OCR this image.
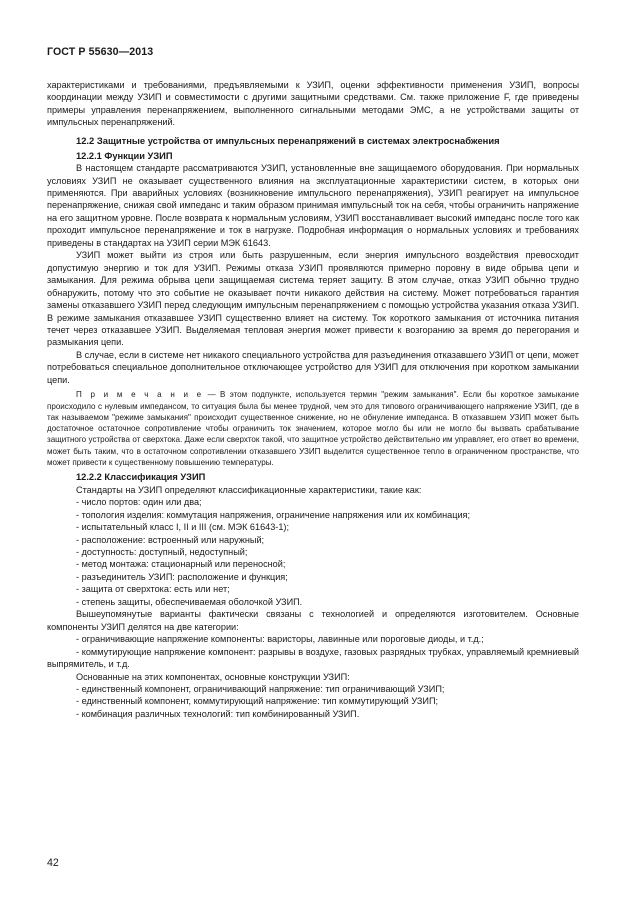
ГОСТ Р 55630—2013

характеристиками и требованиями, предъявляемыми к УЗИП, оценки эффективности применения УЗИП, вопросы координации между УЗИП и совместимости с другими защитными средствами. См. также приложение F, где приведены примеры управления перенапряжением, выполненного сигнальными методами ЭМС, а не устройствами защиты от импульсных перенапряжений.

12.2 Защитные устройства от импульсных перенапряжений в системах электроснабжения

12.2.1 Функции УЗИП

В настоящем стандарте рассматриваются УЗИП, установленные вне защищаемого оборудования. При нормальных условиях УЗИП не оказывает существенного влияния на эксплуатационные характеристики систем, в которых они применяются. При аварийных условиях (возникновение импульсного перенапряжения), УЗИП реагирует на импульсное перенапряжение, снижая свой импеданс и таким образом принимая импульсный ток на себя, чтобы ограничить напряжение на его защитном уровне. После возврата к нормальным условиям, УЗИП восстанавливает высокий импеданс после того как проходит импульсное перенапряжение и ток в нагрузке. Подробная информация о нормальных условиях и требованиях приведены в стандартах на УЗИП серии МЭК 61643.

УЗИП может выйти из строя или быть разрушенным, если энергия импульсного воздействия превосходит допустимую энергию и ток для УЗИП. Режимы отказа УЗИП проявляются примерно поровну в виде обрыва цепи и замыкания. Для режима обрыва цепи защищаемая система теряет защиту. В этом случае, отказ УЗИП обычно трудно обнаружить, потому что это событие не оказывает почти никакого действия на систему. Может потребоваться гарантия замены отказавшего УЗИП перед следующим импульсным перенапряжением с помощью устройства указания отказа УЗИП. В режиме замыкания отказавшее УЗИП существенно влияет на систему. Ток короткого замыкания от источника питания течет через отказавшее УЗИП. Выделяемая тепловая энергия может привести к возгоранию за время до перегорания и размыкания цепи.

В случае, если в системе нет никакого специального устройства для разъединения отказавшего УЗИП от цепи, может потребоваться специальное дополнительное отключающее устройство для УЗИП для отключения при коротком замыкании цепи.

П р и м е ч а н и е — В этом подпункте, используется термин "режим замыкания". Если бы короткое замыкание происходило с нулевым импедансом, то ситуация была бы менее трудной, чем это для типового ограничивающего напряжение УЗИП, где в так называемом "режиме замыкания" происходит существенное снижение, но не обнуление импеданса. В отказавшем УЗИП может быть достаточное остаточное сопротивление чтобы ограничить ток значением, которое могло бы или не могло бы вызвать срабатывание защитного устройства от сверхтока. Даже если сверхток такой, что защитное устройство действительно им управляет, его ответ во времени, может быть таким, что в остаточном сопротивлении отказавшего УЗИП выделится существенное тепло в ограниченном пространстве, что может привести к существенному повышению температуры.

12.2.2 Классификация УЗИП

Стандарты на УЗИП определяют классификационные характеристики, такие как:

- число портов: один или два;

- топология изделия: коммутация напряжения, ограничение напряжения или их комбинация;

- испытательный класс I, II и III (см. МЭК 61643-1);

- расположение: встроенный или наружный;

- доступность: доступный, недоступный;

- метод монтажа: стационарный или переносной;

- разъединитель УЗИП: расположение и функция;

- защита от сверхтока: есть или нет;

- степень защиты, обеспечиваемая оболочкой УЗИП.

Вышеупомянутые варианты фактически связаны с технологией и определяются изготовителем. Основные компоненты УЗИП делятся на две категории:

- ограничивающие напряжение компоненты: варисторы, лавинные или пороговые диоды, и т.д.;

- коммутирующие напряжение компонент: разрывы в воздухе, газовых разрядных трубках, управляемый кремниевый выпрямитель, и т.д.

Основанные на этих компонентах, основные конструкции УЗИП:

- единственный компонент, ограничивающий напряжение: тип ограничивающий УЗИП;

- единственный компонент, коммутирующий напряжение: тип коммутирующий УЗИП;

- комбинация различных технологий: тип комбинированный УЗИП.

42
